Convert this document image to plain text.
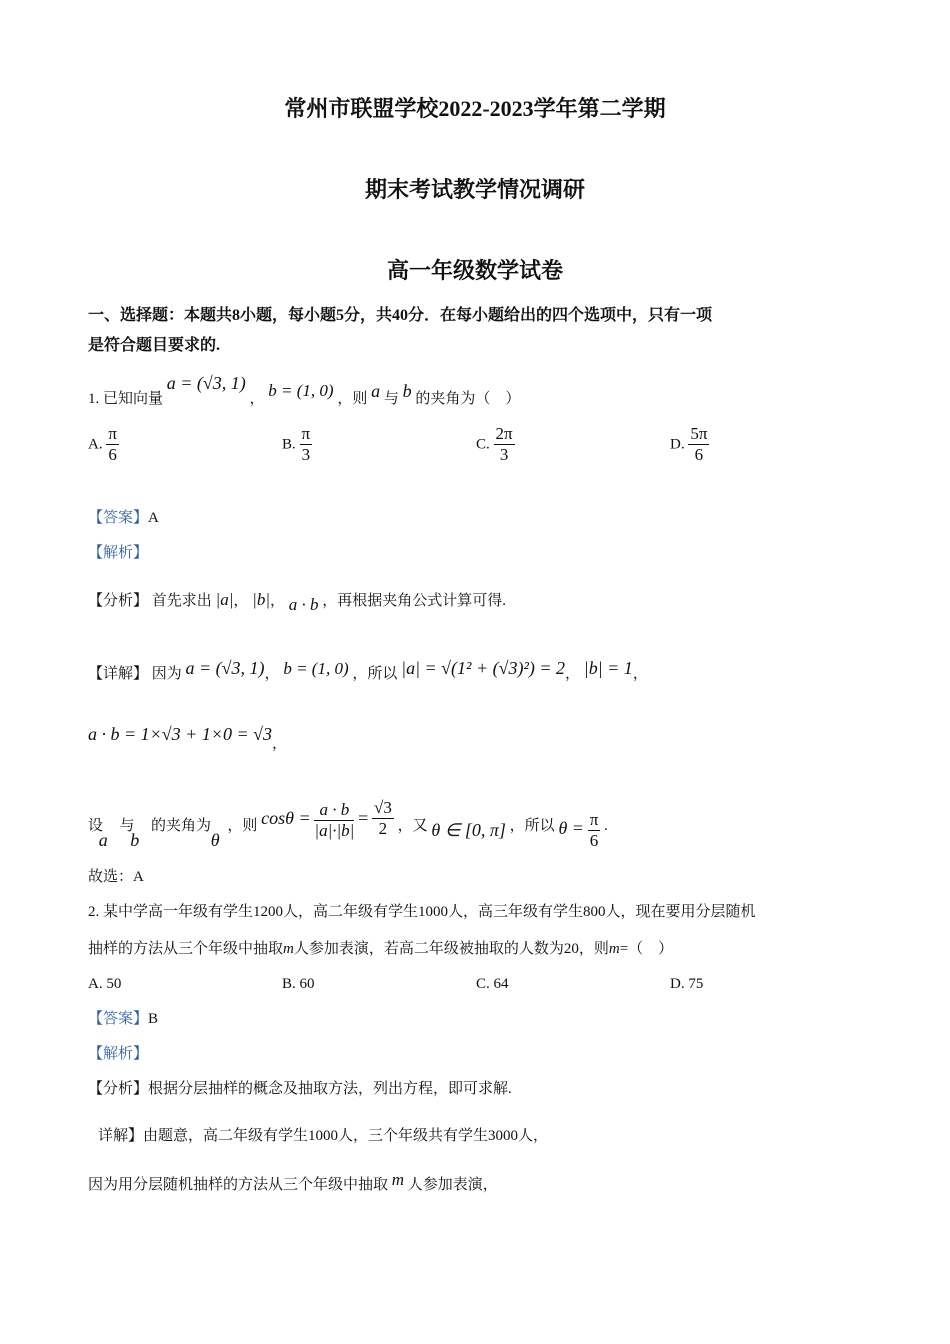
常州市联盟学校2022-2023学年第二学期
期末考试教学情况调研
高一年级数学试卷
一、选择题：本题共8小题，每小题5分，共40分．在每小题给出的四个选项中，只有一项
是符合题目要求的.
1. 已知向量 a = (√3, 1) ， b = (1, 0) ，则 a 与 b 的夹角为（　）
A. $\frac{\pi}{6}$	B. $\frac{\pi}{3}$	C. $\frac{2\pi}{3}$	D. $\frac{5\pi}{6}$
【答案】A
【解析】
【分析】 首先求出 |a|， |b|， a · b ，再根据夹角公式计算可得.
【详解】 因为 a = (√3, 1)， b = (1, 0) ，所以 |a| = √(1² + (√3)²) = 2， |b| = 1，
a · b = 1×√3 + 1×0 = √3 ，
设 a 与 b 的夹角为 θ ，则 $\cos\theta = \frac{a \cdot b}{|a|\cdot|b|} = \frac{√3}{2}$ ，又 θ ∈ [0, π] ，所以 $\theta = \frac{\pi}{6}$ .
故选：A
2. 某中学高一年级有学生1200人，高二年级有学生1000人，高三年级有学生800人，现在要用分层随机
抽样的方法从三个年级中抽取m人参加表演，若高二年级被抽取的人数为20，则m=（　）
A. 50	B. 60	C. 64	D. 75
【答案】B
【解析】
【分析】根据分层抽样的概念及抽取方法，列出方程，即可求解.
详解】由题意，高二年级有学生1000人，三个年级共有学生3000人，
因为用分层随机抽样的方法从三个年级中抽取 m 人参加表演，
